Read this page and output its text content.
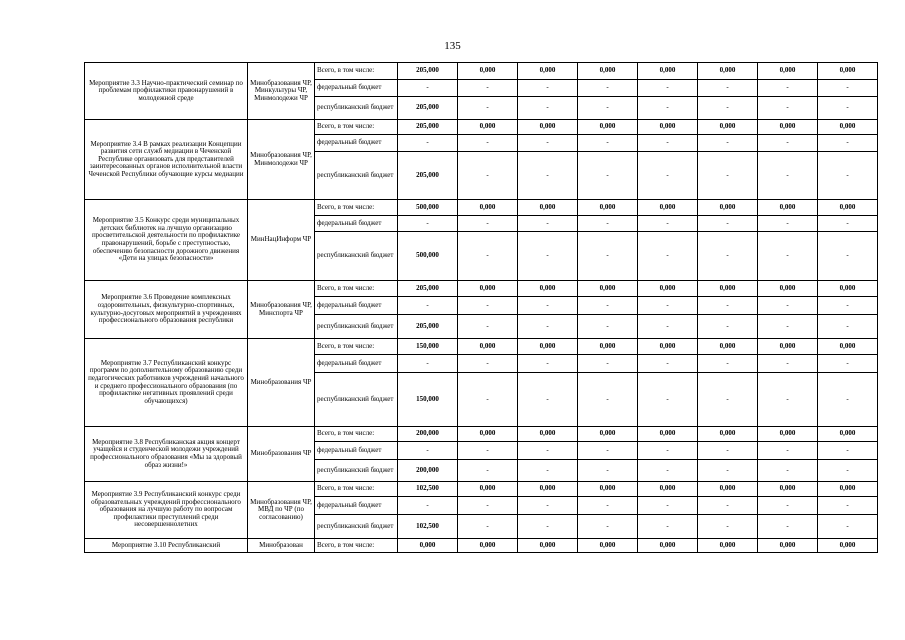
135
Мероприятие 3.3 Научно-практический семинар по проблемам профилактики правонарушений в молодежной среде	Минобразования ЧР, Минкультуры ЧР, Минмолодежи ЧР	Всего, в том числе:	205,000	0,000	0,000	0,000	0,000	0,000	0,000	0,000
		федеральный бюджет	-	-	-	-	-	-	-	-
		республиканский бюджет	205,000	-	-	-	-	-	-	-
Мероприятие 3.4 В рамках реализации Концепции развития сети служб медиации в Чеченской Республике организовать для представителей заинтересованных органов исполнительной власти Чеченской Республики обучающие курсы медиации	Минобразования ЧР, Минмолодежи ЧР	Всего, в том числе:	205,000	0,000	0,000	0,000	0,000	0,000	0,000	0,000
		федеральный бюджет	-	-	-	-	-	-	-	-
		республиканский бюджет	205,000	-	-	-	-	-	-	-
Мероприятие 3.5 Конкурс среди муниципальных детских библиотек на лучшую организацию просветительской деятельности по профилактике правонарушений, борьбе с преступностью, обеспечению безопасности дорожного движения «Дети на улицах безопасности»	МинНацИнформ ЧР	Всего, в том числе:	500,000	0,000	0,000	0,000	0,000	0,000	0,000	0,000
		федеральный бюджет	-	-	-	-	-	-	-	-
		республиканский бюджет	500,000	-	-	-	-	-	-	-
Мероприятие 3.6 Проведение комплексных оздоровительных, физкультурно-спортивных, культурно-досуговых мероприятий в учреждениях профессионального образования республики	Минобразования ЧР, Минспорта ЧР	Всего, в том числе:	205,000	0,000	0,000	0,000	0,000	0,000	0,000	0,000
		федеральный бюджет	-	-	-	-	-	-	-	-
		республиканский бюджет	205,000	-	-	-	-	-	-	-
Мероприятие 3.7 Республиканский конкурс программ по дополнительному образованию среди педагогических работников учреждений начального и среднего профессионального образования (по профилактике негативных проявлений среди обучающихся)	Минобразования ЧР	Всего, в том числе:	150,000	0,000	0,000	0,000	0,000	0,000	0,000	0,000
		федеральный бюджет	-	-	-	-	-	-	-	-
		республиканский бюджет	150,000	-	-	-	-	-	-	-
Мероприятие 3.8 Республиканская акция концерт учащейся и студенческой молодежи учреждений профессионального образования «Мы за здоровый образ жизни!»	Минобразования ЧР	Всего, в том числе:	200,000	0,000	0,000	0,000	0,000	0,000	0,000	0,000
		федеральный бюджет	-	-	-	-	-	-	-	-
		республиканский бюджет	200,000	-	-	-	-	-	-	-
Мероприятие 3.9 Республиканский конкурс среди образовательных учреждений профессионального образования на лучшую работу по вопросам профилактики преступлений среди несовершеннолетних	Минобразования ЧР, МВД по ЧР (по согласованию)	Всего, в том числе:	102,500	0,000	0,000	0,000	0,000	0,000	0,000	0,000
		федеральный бюджет	-	-	-	-	-	-	-	-
		республиканский бюджет	102,500	-	-	-	-	-	-	-
Мероприятие 3.10 Республиканский	Минобразован	Всего, в том числе:	0,000	0,000	0,000	0,000	0,000	0,000	0,000	0,000
